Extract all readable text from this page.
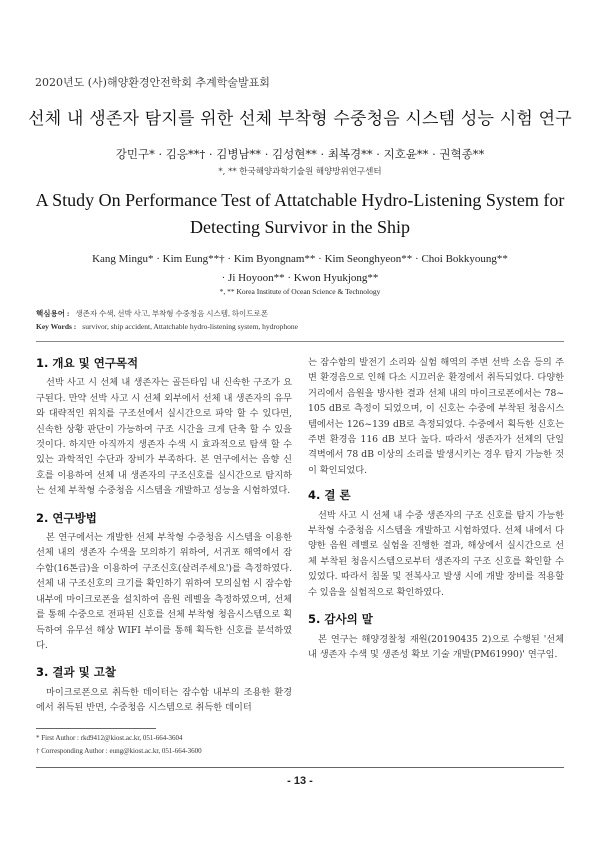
2020년도 (사)해양환경안전학회 추계학술발표회
선체 내 생존자 탐지를 위한 선체 부착형 수중청음 시스템 성능 시험 연구
강민구* · 김응**† · 김병남** · 김성현** · 최복경** · 지호윤** · 권혁종**
*, ** 한국해양과학기술원 해양방위연구센터
A Study On Performance Test of Attatchable Hydro-Listening System for
Detecting Survivor in the Ship
Kang Mingu* · Kim Eung**† · Kim Byongnam** · Kim Seonghyeon** · Choi Bokkyoung**
· Ji Hoyoon** · Kwon Hyukjong**
*, ** Korea Institute of Ocean Science & Technology
핵심용어 : 생존자 수색, 선박 사고, 부착형 수중청음 시스템, 하이드로폰
Key Words : survivor, ship accident, Attatchable hydro-listening system, hydrophone
1. 개요 및 연구목적

선박 사고 시 선체 내 생존자는 골든타임 내 신속한 구조가 요구된다. 만약 선박 사고 시 선체 외부에서 선체 내 생존자의 유무와 대략적인 위치를 구조선에서 실시간으로 파악 할 수 있다면, 신속한 상황 판단이 가능하여 구조 시간을 크게 단축 할 수 있을 것이다. 하지만 아직까지 생존자 수색 시 효과적으로 탐색 할 수 있는 과학적인 수단과 장비가 부족하다. 본 연구에서는 음향 신호를 이용하여 선체 내 생존자의 구조신호를 실시간으로 탐지하는 선체 부착형 수중청음 시스템을 개발하고 성능을 시험하였다.

2. 연구방법

본 연구에서는 개발한 선체 부착형 수중청음 시스템을 이용한 선체 내의 생존자 수색을 모의하기 위하여, 서귀포 해역에서 잠수함(16톤급)을 이용하여 구조신호(살려주세요')를 측정하였다. 선체 내 구조신호의 크기를 확인하기 위하여 모의실험 시 잠수함 내부에 마이크로폰을 설치하여 음원 레벨을 측정하였으며, 선체를 통해 수중으로 전파된 신호를 선체 부착형 청음시스템으로 획득하여 유무선 해상 WIFI 부이를 통해 획득한 신호를 분석하였다.

3. 결과 및 고찰

마이크로폰으로 취득한 데이터는 잠수함 내부의 조용한 환경에서 취득된 반면, 수중청음 시스템으로 취득한 데이터

는 잠수함의 발전기 소리와 실험 해역의 주변 선박 소음 등의 주변 환경음으로 인해 다소 시끄러운 환경에서 취득되었다. 다양한 거리에서 음원을 방사한 결과 선체 내의 마이크로폰에서는 78~ 105 dB로 측정이 되었으며, 이 신호는 수중에 부착된 청음시스템에서는 126~139 dB로 측정되었다. 수중에서 획득한 신호는 주변 환경음 116 dB 보다 높다. 따라서 생존자가 선체의 단일 격벽에서 78 dB 이상의 소리를 발생시키는 경우 탐지 가능한 것이 확인되었다.

4. 결 론

선박 사고 시 선체 내 수중 생존자의 구조 신호를 탐지 가능한 부착형 수중청음 시스템을 개발하고 시험하였다. 선체 내에서 다양한 음원 레벨로 실험을 진행한 결과, 해상에서 실시간으로 선체 부착된 청음시스템으로부터 생존자의 구조 신호를 확인할 수 있었다. 따라서 침몰 및 전복사고 발생 시에 개발 장비를 적용할 수 있음을 실험적으로 확인하였다.

5. 감사의 말

본 연구는 해양경찰청 재원(20190435 2)으로 수행된 '선체 내 생존자 수색 및 생존성 확보 기술 개발(PM61990)' 연구임.

* First Author : rkd9412@kiost.ac.kr, 051-664-3604
† Corresponding Author : eung@kiost.ac.kr, 051-664-3600
- 13 -
